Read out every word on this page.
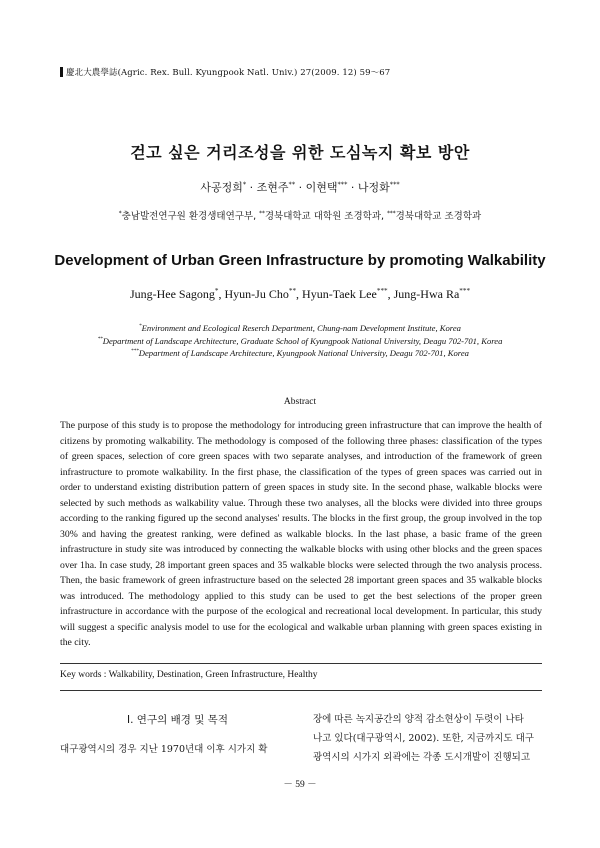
慶北大農學誌(Agric. Rex. Bull. Kyungpook Natl. Univ.) 27(2009. 12) 59～67
걷고 싶은 거리조성을 위한 도심녹지 확보 방안
사공정희* · 조현주** · 이현택*** · 나정화***
*충남발전연구원 환경생태연구부, **경북대학교 대학원 조경학과, ***경북대학교 조경학과
Development of Urban Green Infrastructure by promoting Walkability
Jung-Hee Sagong*, Hyun-Ju Cho**, Hyun-Taek Lee***, Jung-Hwa Ra***
*Environment and Ecological Reserch Department, Chung-nam Development Institute, Korea
**Department of Landscape Architecture, Graduate School of Kyungpook National University, Deagu 702-701, Korea
***Department of Landscape Architecture, Kyungpook National University, Deagu 702-701, Korea
Abstract
The purpose of this study is to propose the methodology for introducing green infrastructure that can improve the health of citizens by promoting walkability. The methodology is composed of the following three phases: classification of the types of green spaces, selection of core green spaces with two separate analyses, and introduction of the framework of green infrastructure to promote walkability. In the first phase, the classification of the types of green spaces was carried out in order to understand existing distribution pattern of green spaces in study site. In the second phase, walkable blocks were selected by such methods as walkability value. Through these two analyses, all the blocks were divided into three groups according to the ranking figured up the second analyses' results. The blocks in the first group, the group involved in the top 30% and having the greatest ranking, were defined as walkable blocks. In the last phase, a basic frame of the green infrastructure in study site was introduced by connecting the walkable blocks with using other blocks and the green spaces over 1ha. In case study, 28 important green spaces and 35 walkable blocks were selected through the two analysis process. Then, the basic framework of green infrastructure based on the selected 28 important green spaces and 35 walkable blocks was introduced. The methodology applied to this study can be used to get the best selections of the proper green infrastructure in accordance with the purpose of the ecological and recreational local development. In particular, this study will suggest a specific analysis model to use for the ecological and walkable urban planning with green spaces existing in the city.
Key words : Walkability, Destination, Green Infrastructure, Healthy
Ⅰ. 연구의 배경 및 목적
대구광역시의 경우 지난 1970년대 이후 시가지 확
장에 따른 녹지공간의 양적 감소현상이 두렷이 나타
나고 있다(대구광역시, 2002). 또한, 지금까지도 대구
광역시의 시가지 외곽에는 각종 도시개발이 진행되고
－ 59 －
